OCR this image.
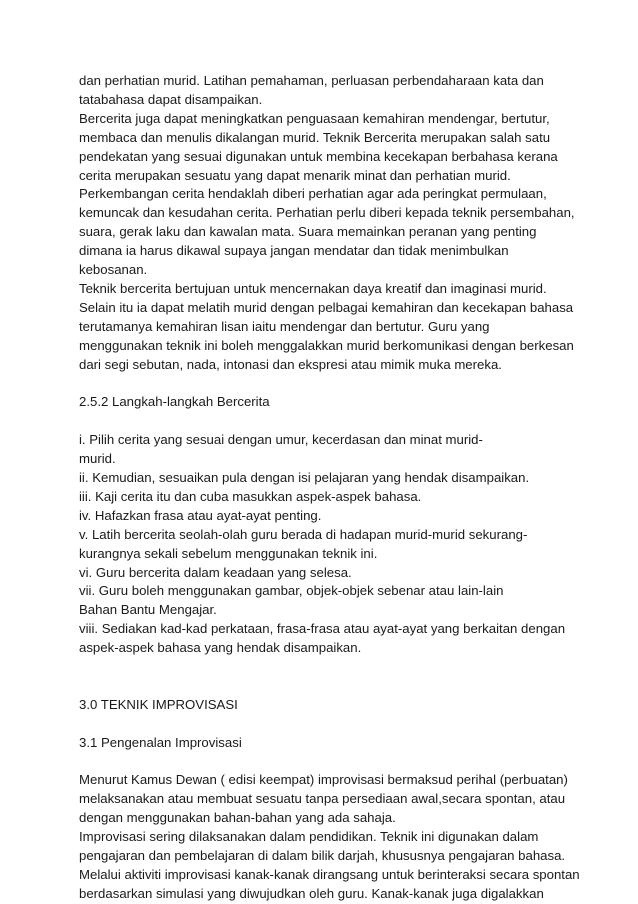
dan perhatian murid. Latihan pemahaman, perluasan perbendaharaan kata dan
tatabahasa dapat disampaikan.
Bercerita juga dapat meningkatkan penguasaan kemahiran mendengar, bertutur,
membaca dan menulis dikalangan murid. Teknik Bercerita merupakan salah satu
pendekatan yang sesuai digunakan untuk membina kecekapan berbahasa kerana
cerita merupakan sesuatu yang dapat menarik minat dan perhatian murid.
Perkembangan cerita hendaklah diberi perhatian agar ada peringkat permulaan,
kemuncak dan kesudahan cerita. Perhatian perlu diberi kepada teknik persembahan,
suara, gerak laku dan kawalan mata. Suara memainkan peranan yang penting
dimana ia harus dikawal supaya jangan mendatar dan tidak menimbulkan
kebosanan.
Teknik bercerita bertujuan untuk mencernakan daya kreatif dan imaginasi murid.
Selain itu ia dapat melatih murid dengan pelbagai kemahiran dan kecekapan bahasa
terutamanya kemahiran lisan iaitu mendengar dan bertutur. Guru yang
menggunakan teknik ini boleh menggalakkan murid berkomunikasi dengan berkesan
dari segi sebutan, nada, intonasi dan ekspresi atau mimik muka mereka.
2.5.2 Langkah-langkah Bercerita
i. Pilih cerita yang sesuai dengan umur, kecerdasan dan minat murid-
murid.
ii. Kemudian, sesuaikan pula dengan isi pelajaran yang hendak disampaikan.
iii. Kaji cerita itu dan cuba masukkan aspek-aspek bahasa.
iv. Hafazkan frasa atau ayat-ayat penting.
v. Latih bercerita seolah-olah guru berada di hadapan murid-murid sekurang-
kurangnya sekali sebelum menggunakan teknik ini.
vi. Guru bercerita dalam keadaan yang selesa.
vii. Guru boleh menggunakan gambar, objek-objek sebenar atau lain-lain
Bahan Bantu Mengajar.
viii. Sediakan kad-kad perkataan, frasa-frasa atau ayat-ayat yang berkaitan dengan
aspek-aspek bahasa yang hendak disampaikan.
3.0 TEKNIK IMPROVISASI
3.1 Pengenalan Improvisasi
Menurut Kamus Dewan ( edisi keempat) improvisasi bermaksud perihal (perbuatan)
melaksanakan atau membuat sesuatu tanpa persediaan awal,secara spontan, atau
dengan menggunakan bahan-bahan yang ada sahaja.
Improvisasi sering dilaksanakan dalam pendidikan. Teknik ini digunakan dalam
pengajaran dan pembelajaran di dalam bilik darjah, khususnya pengajaran bahasa.
Melalui aktiviti improvisasi kanak-kanak dirangsang untuk berinteraksi secara spontan
berdasarkan simulasi yang diwujudkan oleh guru. Kanak-kanak juga digalakkan
